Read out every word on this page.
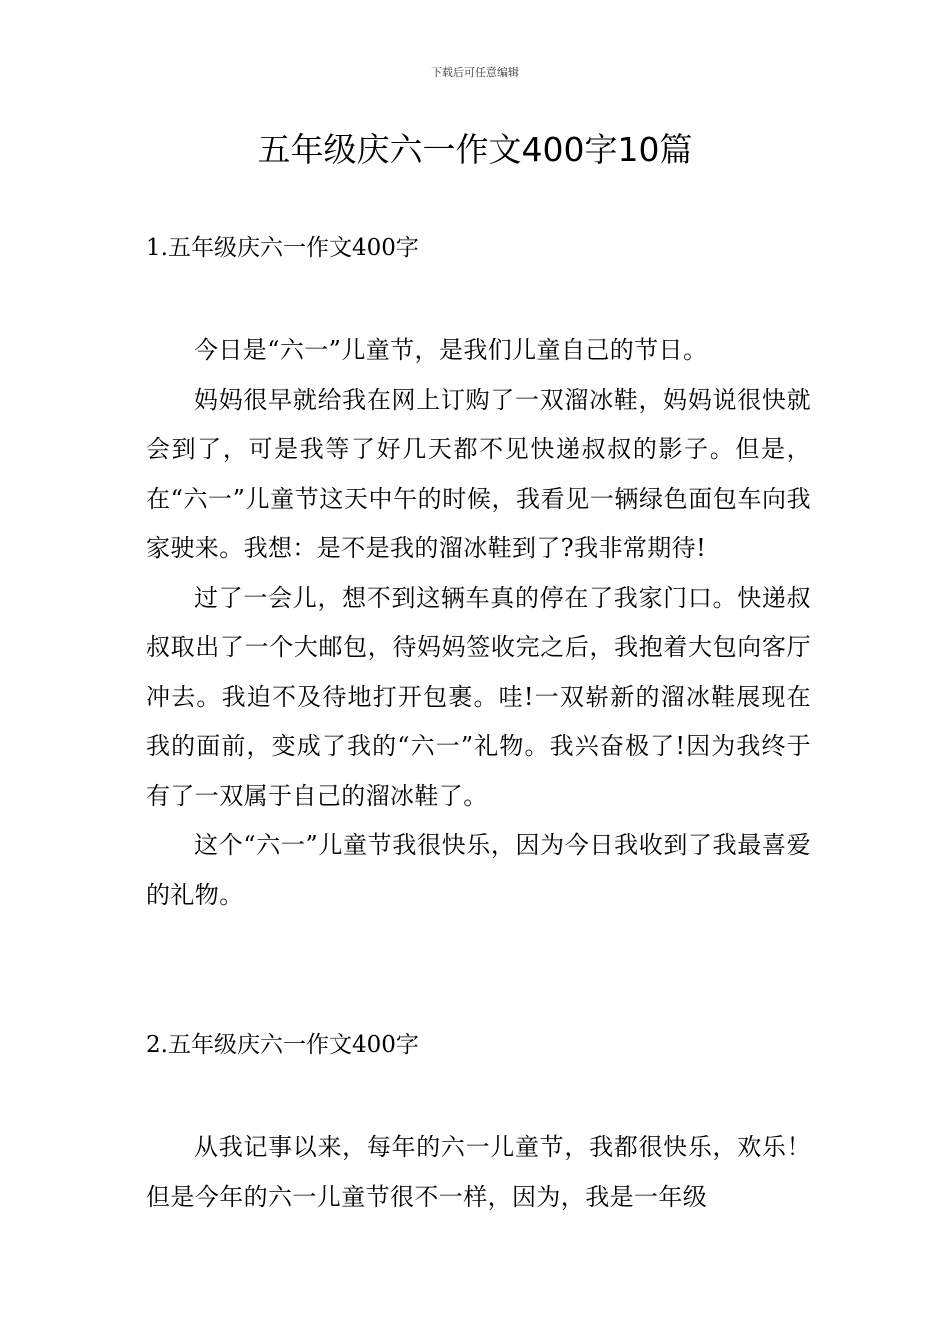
下载后可任意编辑
五年级庆六一作文400字10篇
1.五年级庆六一作文400字

今日是“六一”儿童节，是我们儿童自己的节日。

妈妈很早就给我在网上订购了一双溜冰鞋，妈妈说很快就会到了，可是我等了好几天都不见快递叔叔的影子。但是，在“六一”儿童节这天中午的时候，我看见一辆绿色面包车向我家驶来。我想：是不是我的溜冰鞋到了?我非常期待!

过了一会儿，想不到这辆车真的停在了我家门口。快递叔叔取出了一个大邮包，待妈妈签收完之后，我抱着大包向客厅冲去。我迫不及待地打开包裹。哇!一双崭新的溜冰鞋展现在我的面前，变成了我的“六一”礼物。我兴奋极了!因为我终于有了一双属于自己的溜冰鞋了。

这个“六一”儿童节我很快乐，因为今日我收到了我最喜爱的礼物。

2.五年级庆六一作文400字

从我记事以来，每年的六一儿童节，我都很快乐，欢乐！但是今年的六一儿童节很不一样，因为，我是一年级
